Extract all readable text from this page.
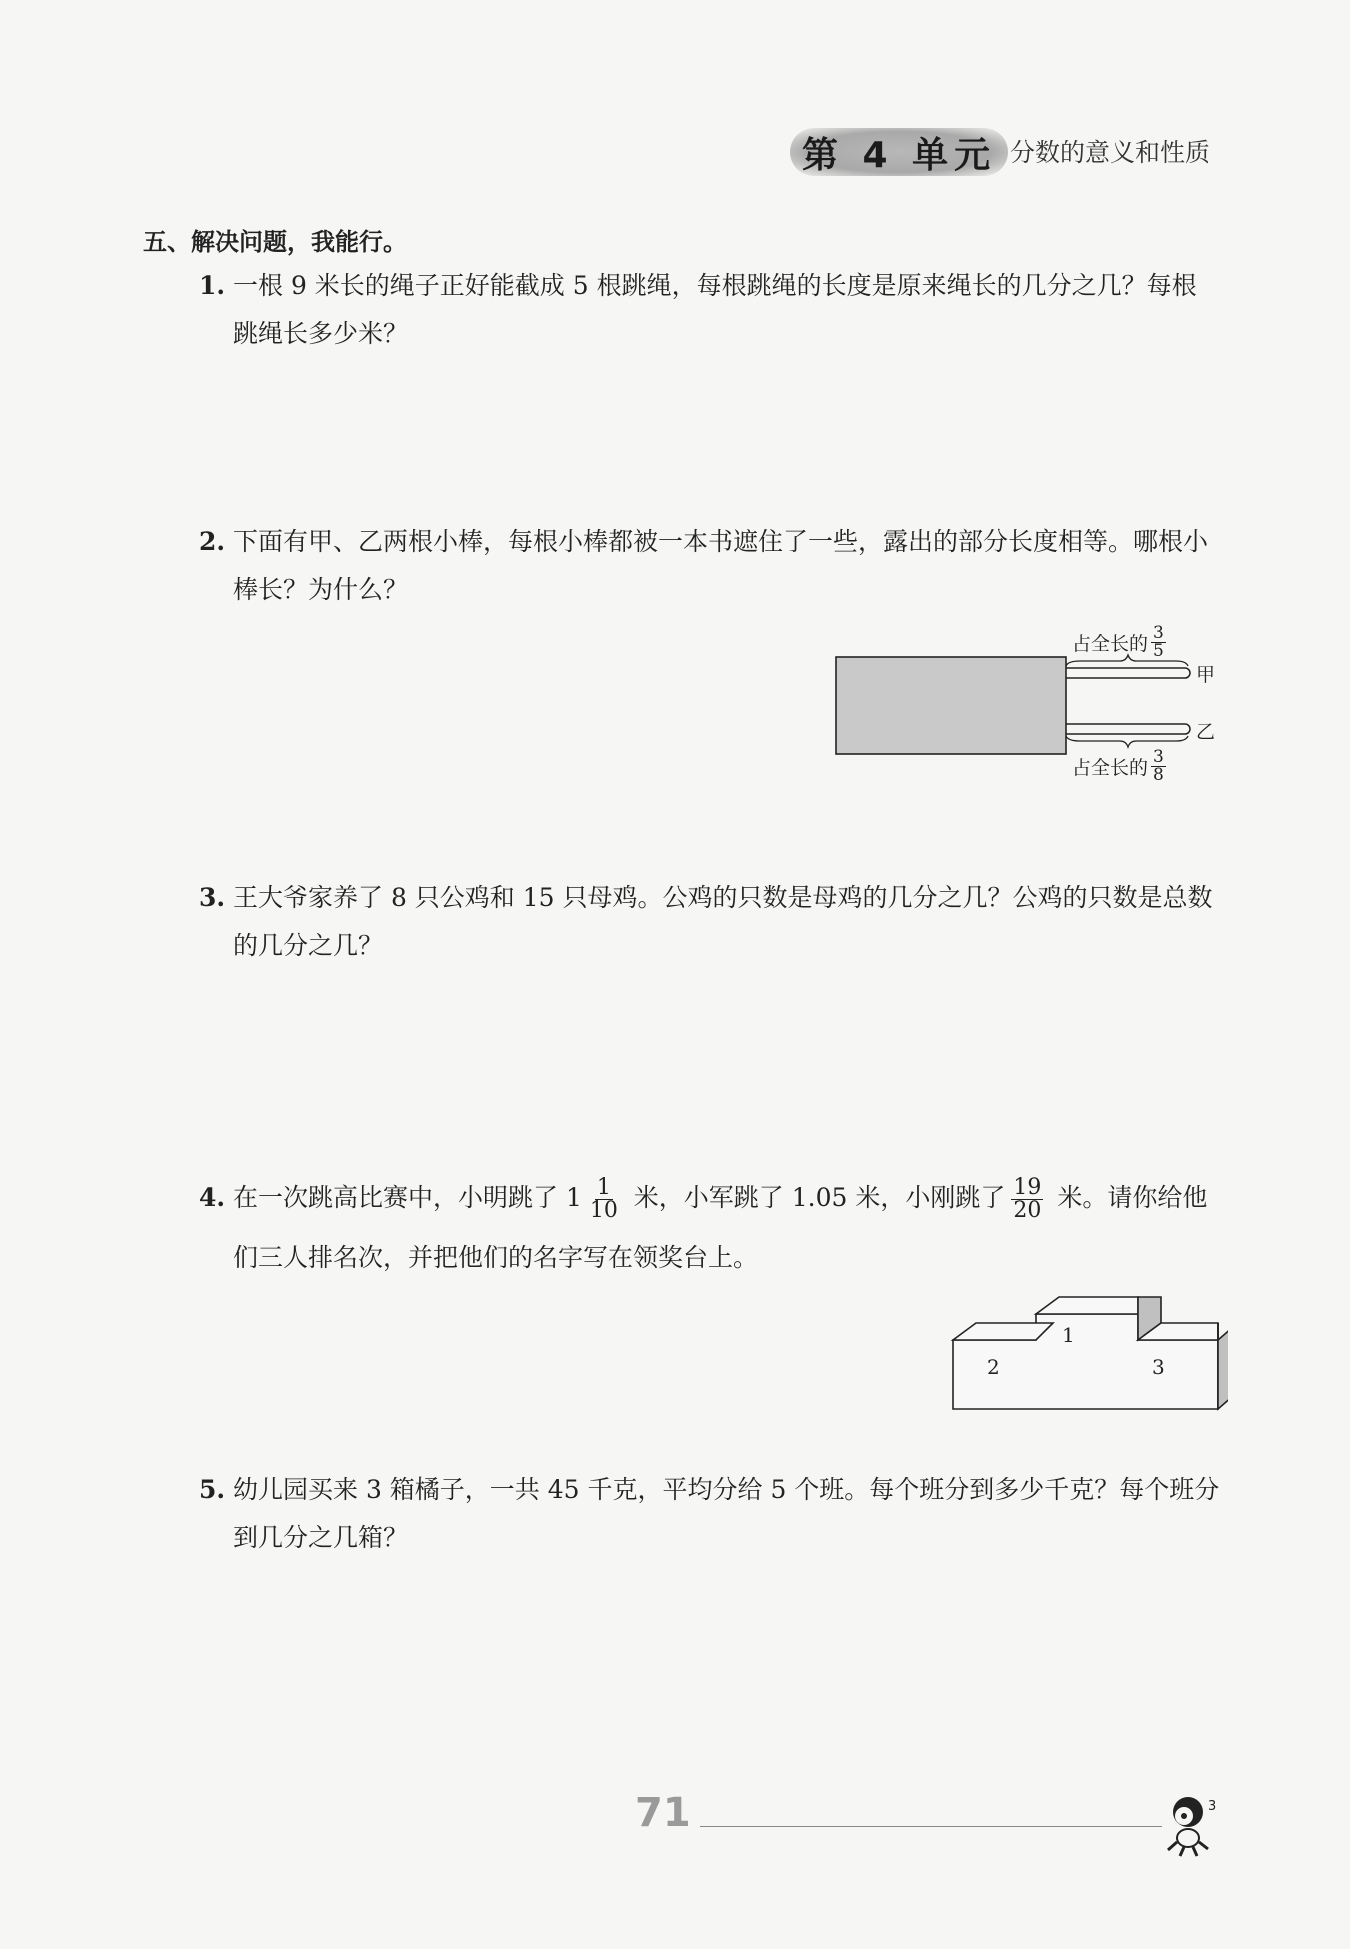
第 4 单元 分数的意义和性质
五、解决问题，我能行。
1. 一根 9 米长的绳子正好能截成 5 根跳绳，每根跳绳的长度是原来绳长的几分之几？每根跳绳长多少米？
2. 下面有甲、乙两根小棒，每根小棒都被一本书遮住了一些，露出的部分长度相等。哪根小棒长？为什么？
占全长的 $\frac{3}{5}$
甲
乙
占全长的 $\frac{3}{8}$
3. 王大爷家养了 8 只公鸡和 15 只母鸡。公鸡的只数是母鸡的几分之几？公鸡的只数是总数的几分之几？
4. 在一次跳高比赛中，小明跳了 $1 \frac{1}{10}$ 米，小军跳了 1.05 米，小刚跳了 $\frac{19}{20}$ 米。请你给他们三人排名次，并把他们的名字写在领奖台上。
1
2	3
5. 幼儿园买来 3 箱橘子，一共 45 千克，平均分给 5 个班。每个班分到多少千克？每个班分到几分之几箱？
71	3
